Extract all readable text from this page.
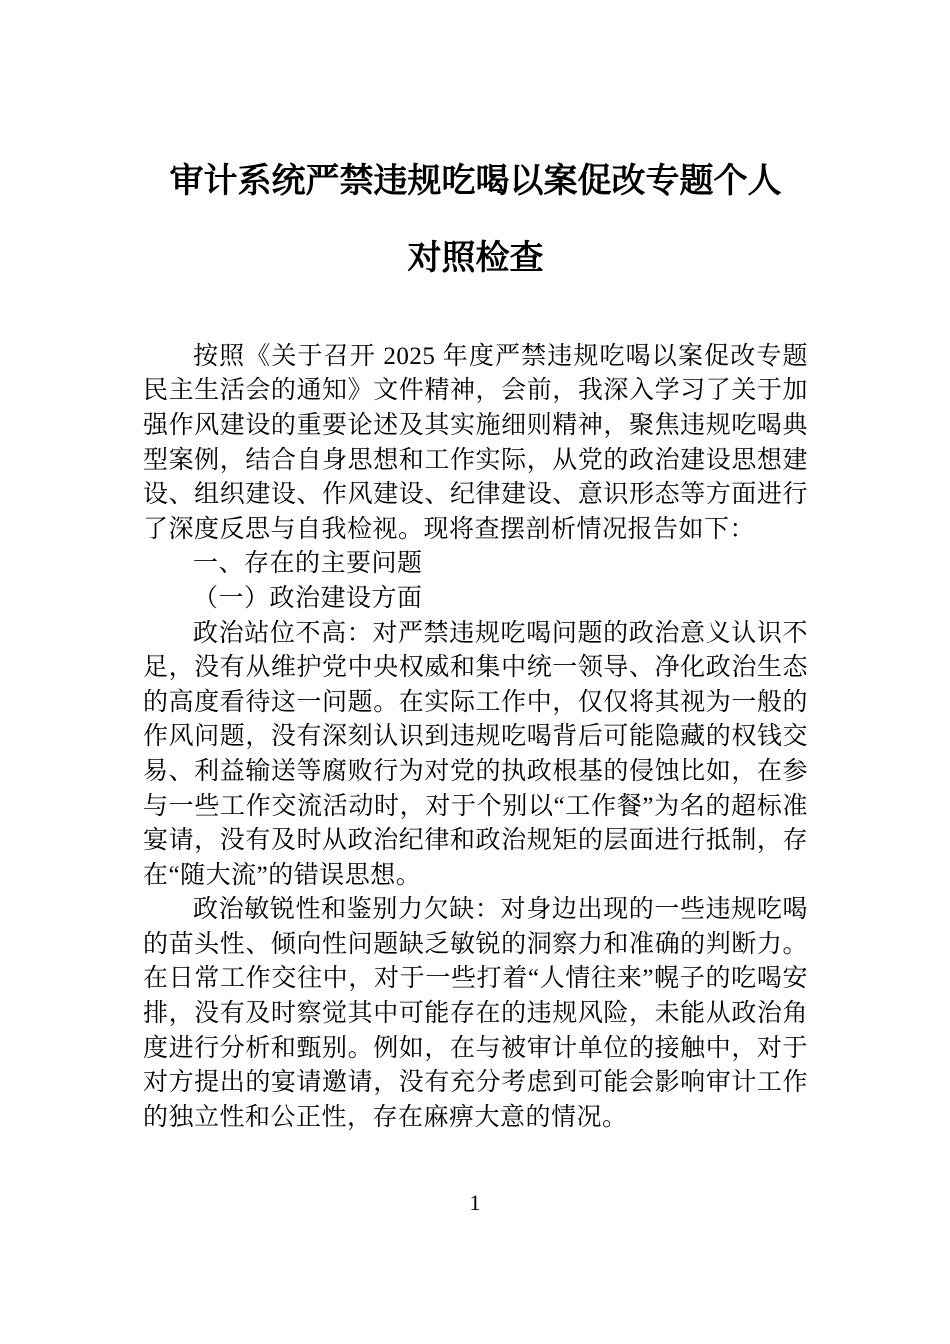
审计系统严禁违规吃喝以案促改专题个人
对照检查

按照《关于召开 2025 年度严禁违规吃喝以案促改专题民主生活会的通知》文件精神，会前，我深入学习了关于加强作风建设的重要论述及其实施细则精神，聚焦违规吃喝典型案例，结合自身思想和工作实际，从党的政治建设思想建设、组织建设、作风建设、纪律建设、意识形态等方面进行了深度反思与自我检视。现将查摆剖析情况报告如下：

一、存在的主要问题

（一）政治建设方面

政治站位不高：对严禁违规吃喝问题的政治意义认识不足，没有从维护党中央权威和集中统一领导、净化政治生态的高度看待这一问题。在实际工作中，仅仅将其视为一般的作风问题，没有深刻认识到违规吃喝背后可能隐藏的权钱交易、利益输送等腐败行为对党的执政根基的侵蚀比如，在参与一些工作交流活动时，对于个别以“工作餐”为名的超标准宴请，没有及时从政治纪律和政治规矩的层面进行抵制，存在“随大流”的错误思想。

政治敏锐性和鉴别力欠缺：对身边出现的一些违规吃喝的苗头性、倾向性问题缺乏敏锐的洞察力和准确的判断力。在日常工作交往中，对于一些打着“人情往来”幌子的吃喝安排，没有及时察觉其中可能存在的违规风险，未能从政治角度进行分析和甄别。例如，在与被审计单位的接触中，对于对方提出的宴请邀请，没有充分考虑到可能会影响审计工作的独立性和公正性，存在麻痹大意的情况。

1
